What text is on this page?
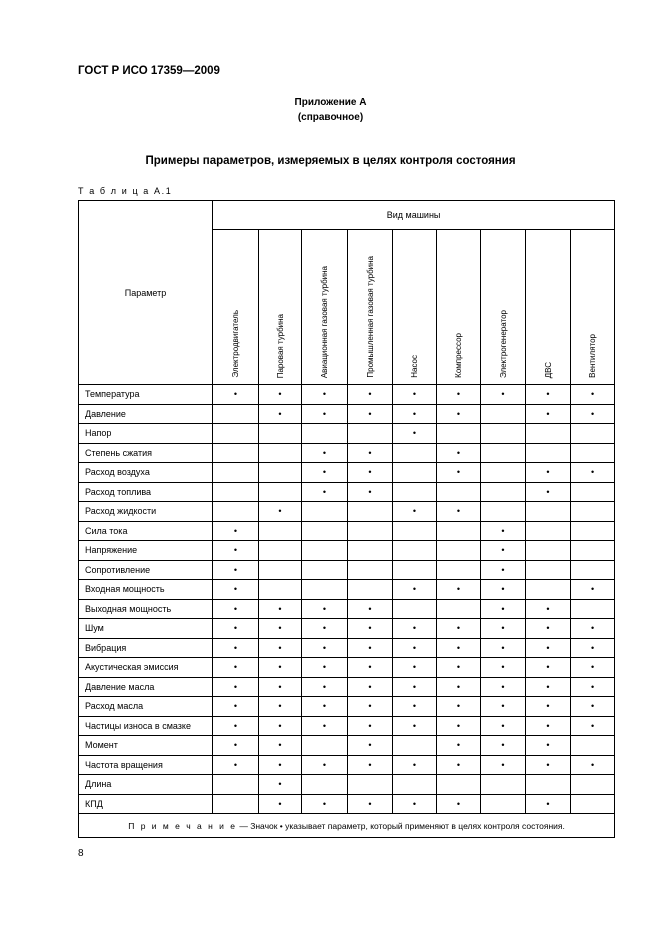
ГОСТ Р ИСО 17359—2009
Приложение А
(справочное)
Примеры параметров, измеряемых в целях контроля состояния
Т а б л и ц а А.1
Параметр	Вид машины								

	Электродвигатель	Паровая турбина	Авиационная газовая турбина	Промышленная газовая турбина	Насос	Компрессор	Электрогенератор	ДВС	Вентилятор

Температура	•	•	•	•	•	•	•	•	•
Давление		•	•	•	•	•		•	•
Напор					•				
Степень сжатия			•	•		•			
Расход воздуха			•	•		•		•	•
Расход топлива			•	•				•	
Расход жидкости		•			•	•			
Сила тока	•						•		
Напряжение	•						•		
Сопротивление	•						•		
Входная мощность	•				•	•	•		•
Выходная мощность	•	•	•	•			•	•	
Шум	•	•	•	•	•	•	•	•	•
Вибрация	•	•	•	•	•	•	•	•	•
Акустическая эмиссия	•	•	•	•	•	•	•	•	•
Давление масла	•	•	•	•	•	•	•	•	•
Расход масла	•	•	•	•	•	•	•	•	•
Частицы износа в смазке	•	•	•	•	•	•	•	•	•
Момент	•	•		•		•	•	•	
Частота вращения	•	•	•	•	•	•	•	•	•
Длина		•							
КПД		•	•	•	•	•		•	
П р и м е ч а н и е — Значок • указывает параметр, который применяют в целях контроля состояния.									
8
